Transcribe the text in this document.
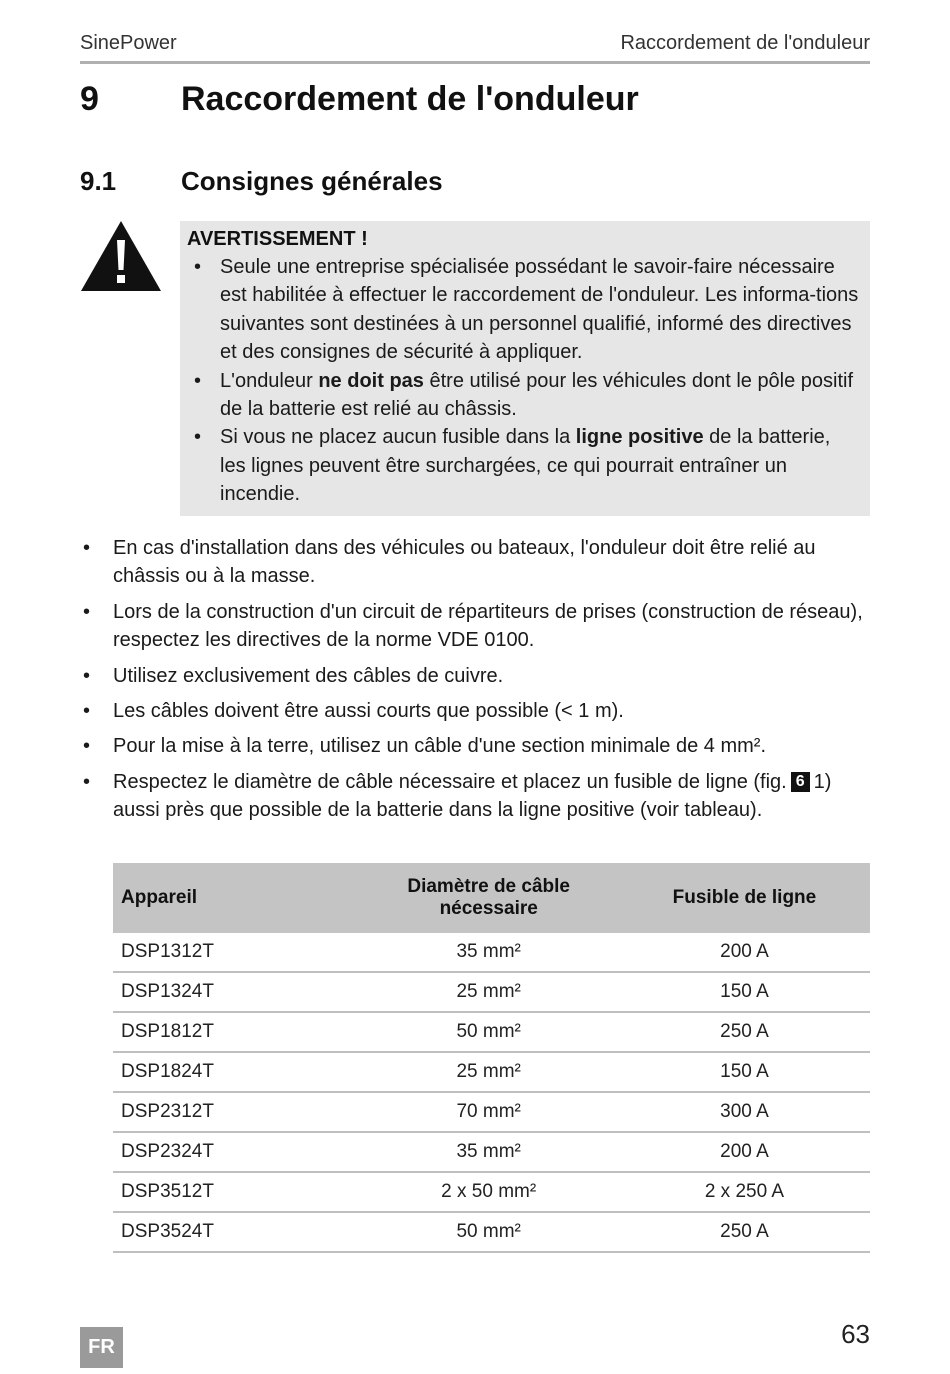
SinePower	Raccordement de l'onduleur
9 Raccordement de l'onduleur
9.1 Consignes générales
AVERTISSEMENT !
• Seule une entreprise spécialisée possédant le savoir-faire nécessaire est habilitée à effectuer le raccordement de l'onduleur. Les informa-tions suivantes sont destinées à un personnel qualifié, informé des directives et des consignes de sécurité à appliquer.
• L'onduleur ne doit pas être utilisé pour les véhicules dont le pôle positif de la batterie est relié au châssis.
• Si vous ne placez aucun fusible dans la ligne positive de la batterie, les lignes peuvent être surchargées, ce qui pourrait entraîner un incendie.
• En cas d'installation dans des véhicules ou bateaux, l'onduleur doit être relié au châssis ou à la masse.
• Lors de la construction d'un circuit de répartiteurs de prises (construction de réseau), respectez les directives de la norme VDE 0100.
• Utilisez exclusivement des câbles de cuivre.
• Les câbles doivent être aussi courts que possible (< 1 m).
• Pour la mise à la terre, utilisez un câble d'une section minimale de 4 mm².
• Respectez le diamètre de câble nécessaire et placez un fusible de ligne (fig. 6 1) aussi près que possible de la batterie dans la ligne positive (voir tableau).
Appareil	Diamètre de câble nécessaire	Fusible de ligne
DSP1312T	35 mm²	200 A
DSP1324T	25 mm²	150 A
DSP1812T	50 mm²	250 A
DSP1824T	25 mm²	150 A
DSP2312T	70 mm²	300 A
DSP2324T	35 mm²	200 A
DSP3512T	2 x 50 mm²	2 x 250 A
DSP3524T	50 mm²	250 A
FR	63
